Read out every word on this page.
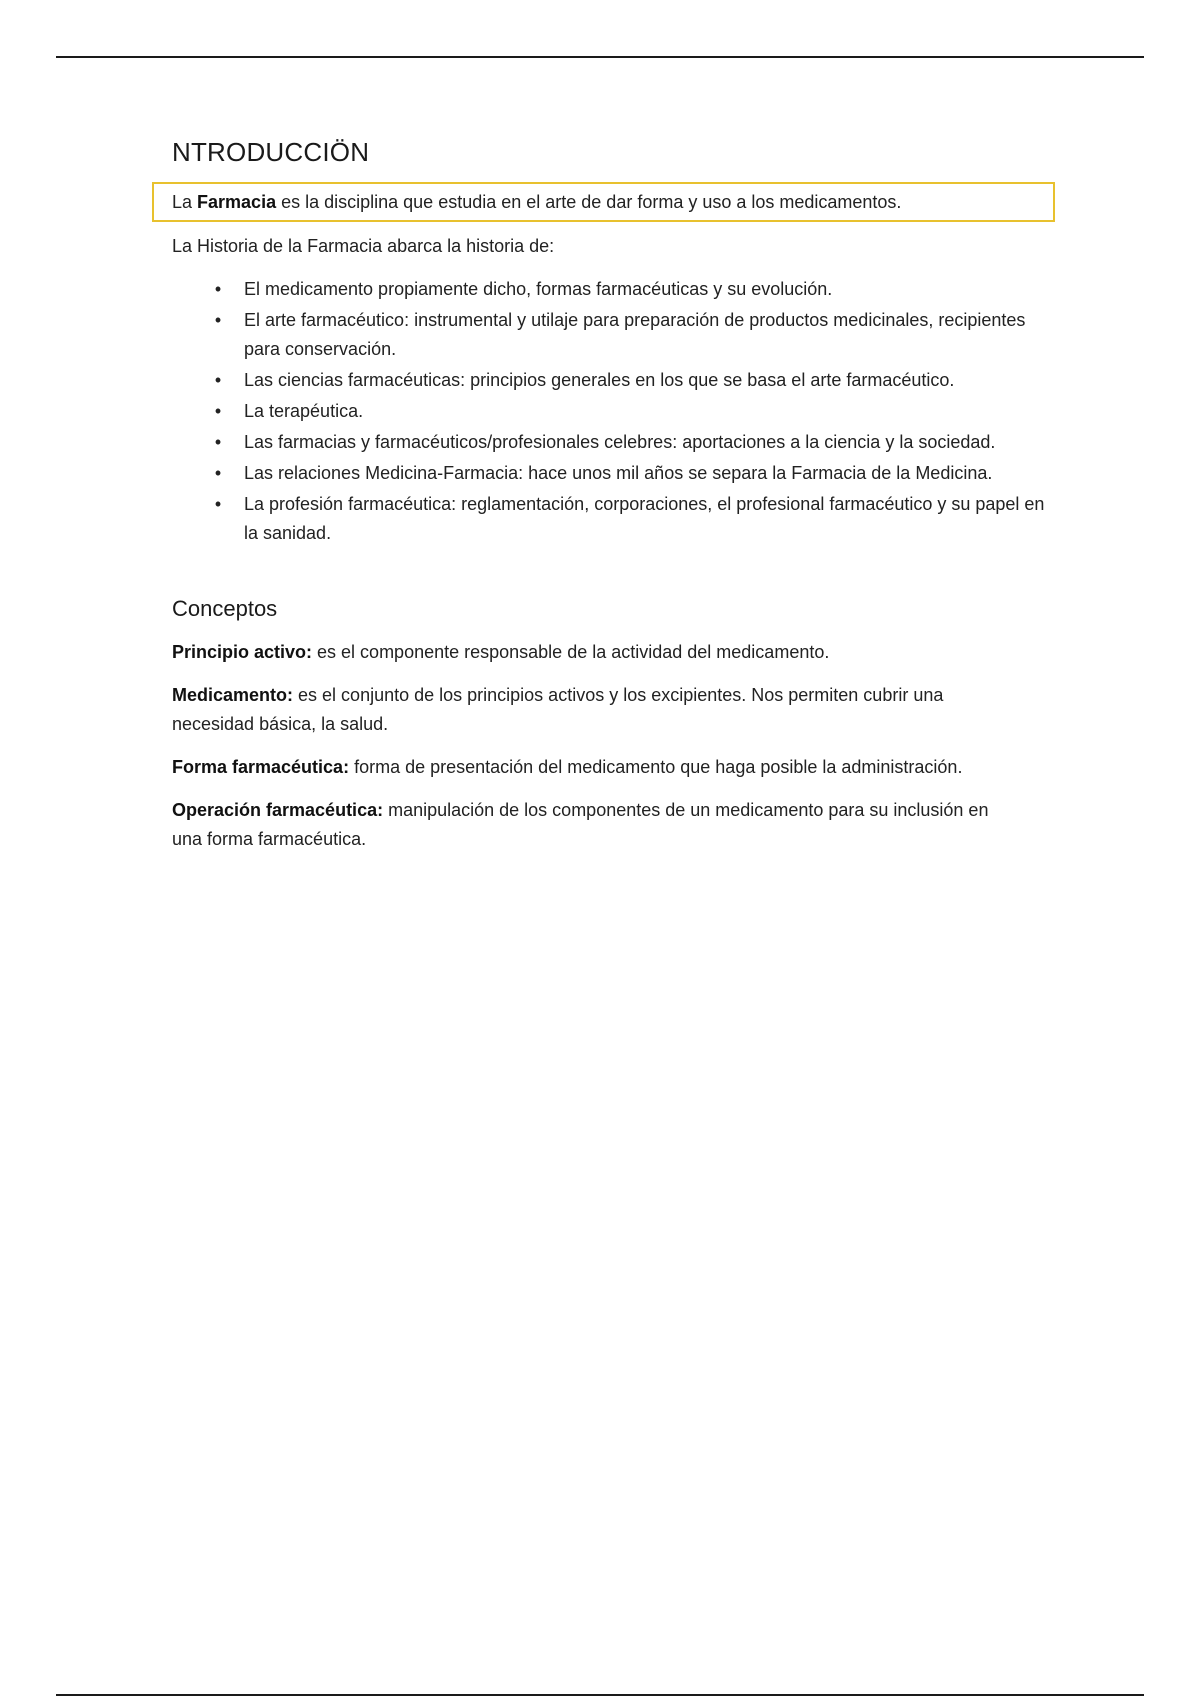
NTRODUCCIÖN
La Farmacia es la disciplina que estudia en el arte de dar forma y uso a los medicamentos.

La Historia de la Farmacia abarca la historia de:

• El medicamento propiamente dicho, formas farmacéuticas y su evolución.
• El arte farmacéutico: instrumental y utilaje para preparación de productos medicinales, recipientes para conservación.
• Las ciencias farmacéuticas: principios generales en los que se basa el arte farmacéutico.
• La terapéutica.
• Las farmacias y farmacéuticos/profesionales celebres: aportaciones a la ciencia y la sociedad.
• Las relaciones Medicina-Farmacia: hace unos mil años se separa la Farmacia de la Medicina.
• La profesión farmacéutica: reglamentación, corporaciones, el profesional farmacéutico y su papel en la sanidad.
Conceptos

Principio activo: es el componente responsable de la actividad del medicamento.

Medicamento: es el conjunto de los principios activos y los excipientes. Nos permiten cubrir una necesidad básica, la salud.

Forma farmacéutica: forma de presentación del medicamento que haga posible la administración.

Operación farmacéutica: manipulación de los componentes de un medicamento para su inclusión en una forma farmacéutica.
